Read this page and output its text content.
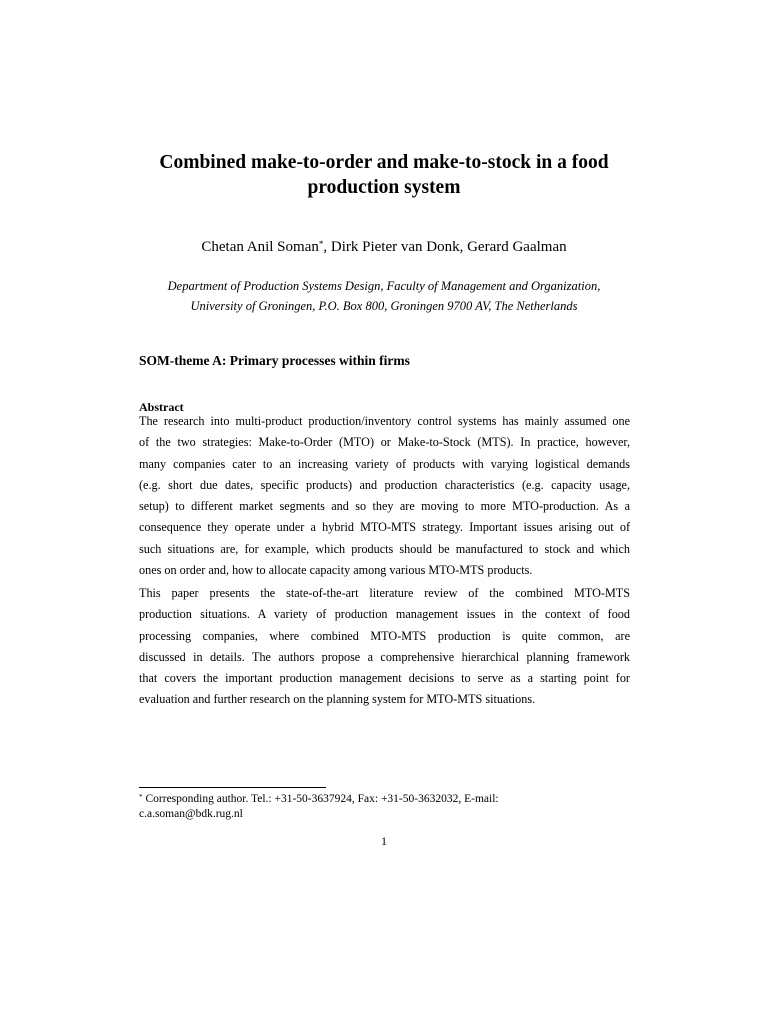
Combined make-to-order and make-to-stock in a food
production system
Chetan Anil Soman*, Dirk Pieter van Donk, Gerard Gaalman
Department of Production Systems Design, Faculty of Management and Organization,
University of Groningen, P.O. Box 800, Groningen 9700 AV, The Netherlands
SOM-theme A: Primary processes within firms
Abstract
The research into multi-product production/inventory control systems has mainly assumed one
of the two strategies: Make-to-Order (MTO) or Make-to-Stock (MTS). In practice, however,
many companies cater to an increasing variety of products with varying logistical demands
(e.g. short due dates, specific products) and production characteristics (e.g. capacity usage,
setup) to different market segments and so they are moving to more MTO-production. As a
consequence they operate under a hybrid MTO-MTS strategy. Important issues arising out of
such situations are, for example, which products should be manufactured to stock and which
ones on order and, how to allocate capacity among various MTO-MTS products.
This paper presents the state-of-the-art literature review of the combined MTO-MTS
production situations. A variety of production management issues in the context of food
processing companies, where combined MTO-MTS production is quite common, are
discussed in details. The authors propose a comprehensive hierarchical planning framework
that covers the important production management decisions to serve as a starting point for
evaluation and further research on the planning system for MTO-MTS situations.
* Corresponding author. Tel.: +31-50-3637924, Fax: +31-50-3632032, E-mail:
c.a.soman@bdk.rug.nl
1
